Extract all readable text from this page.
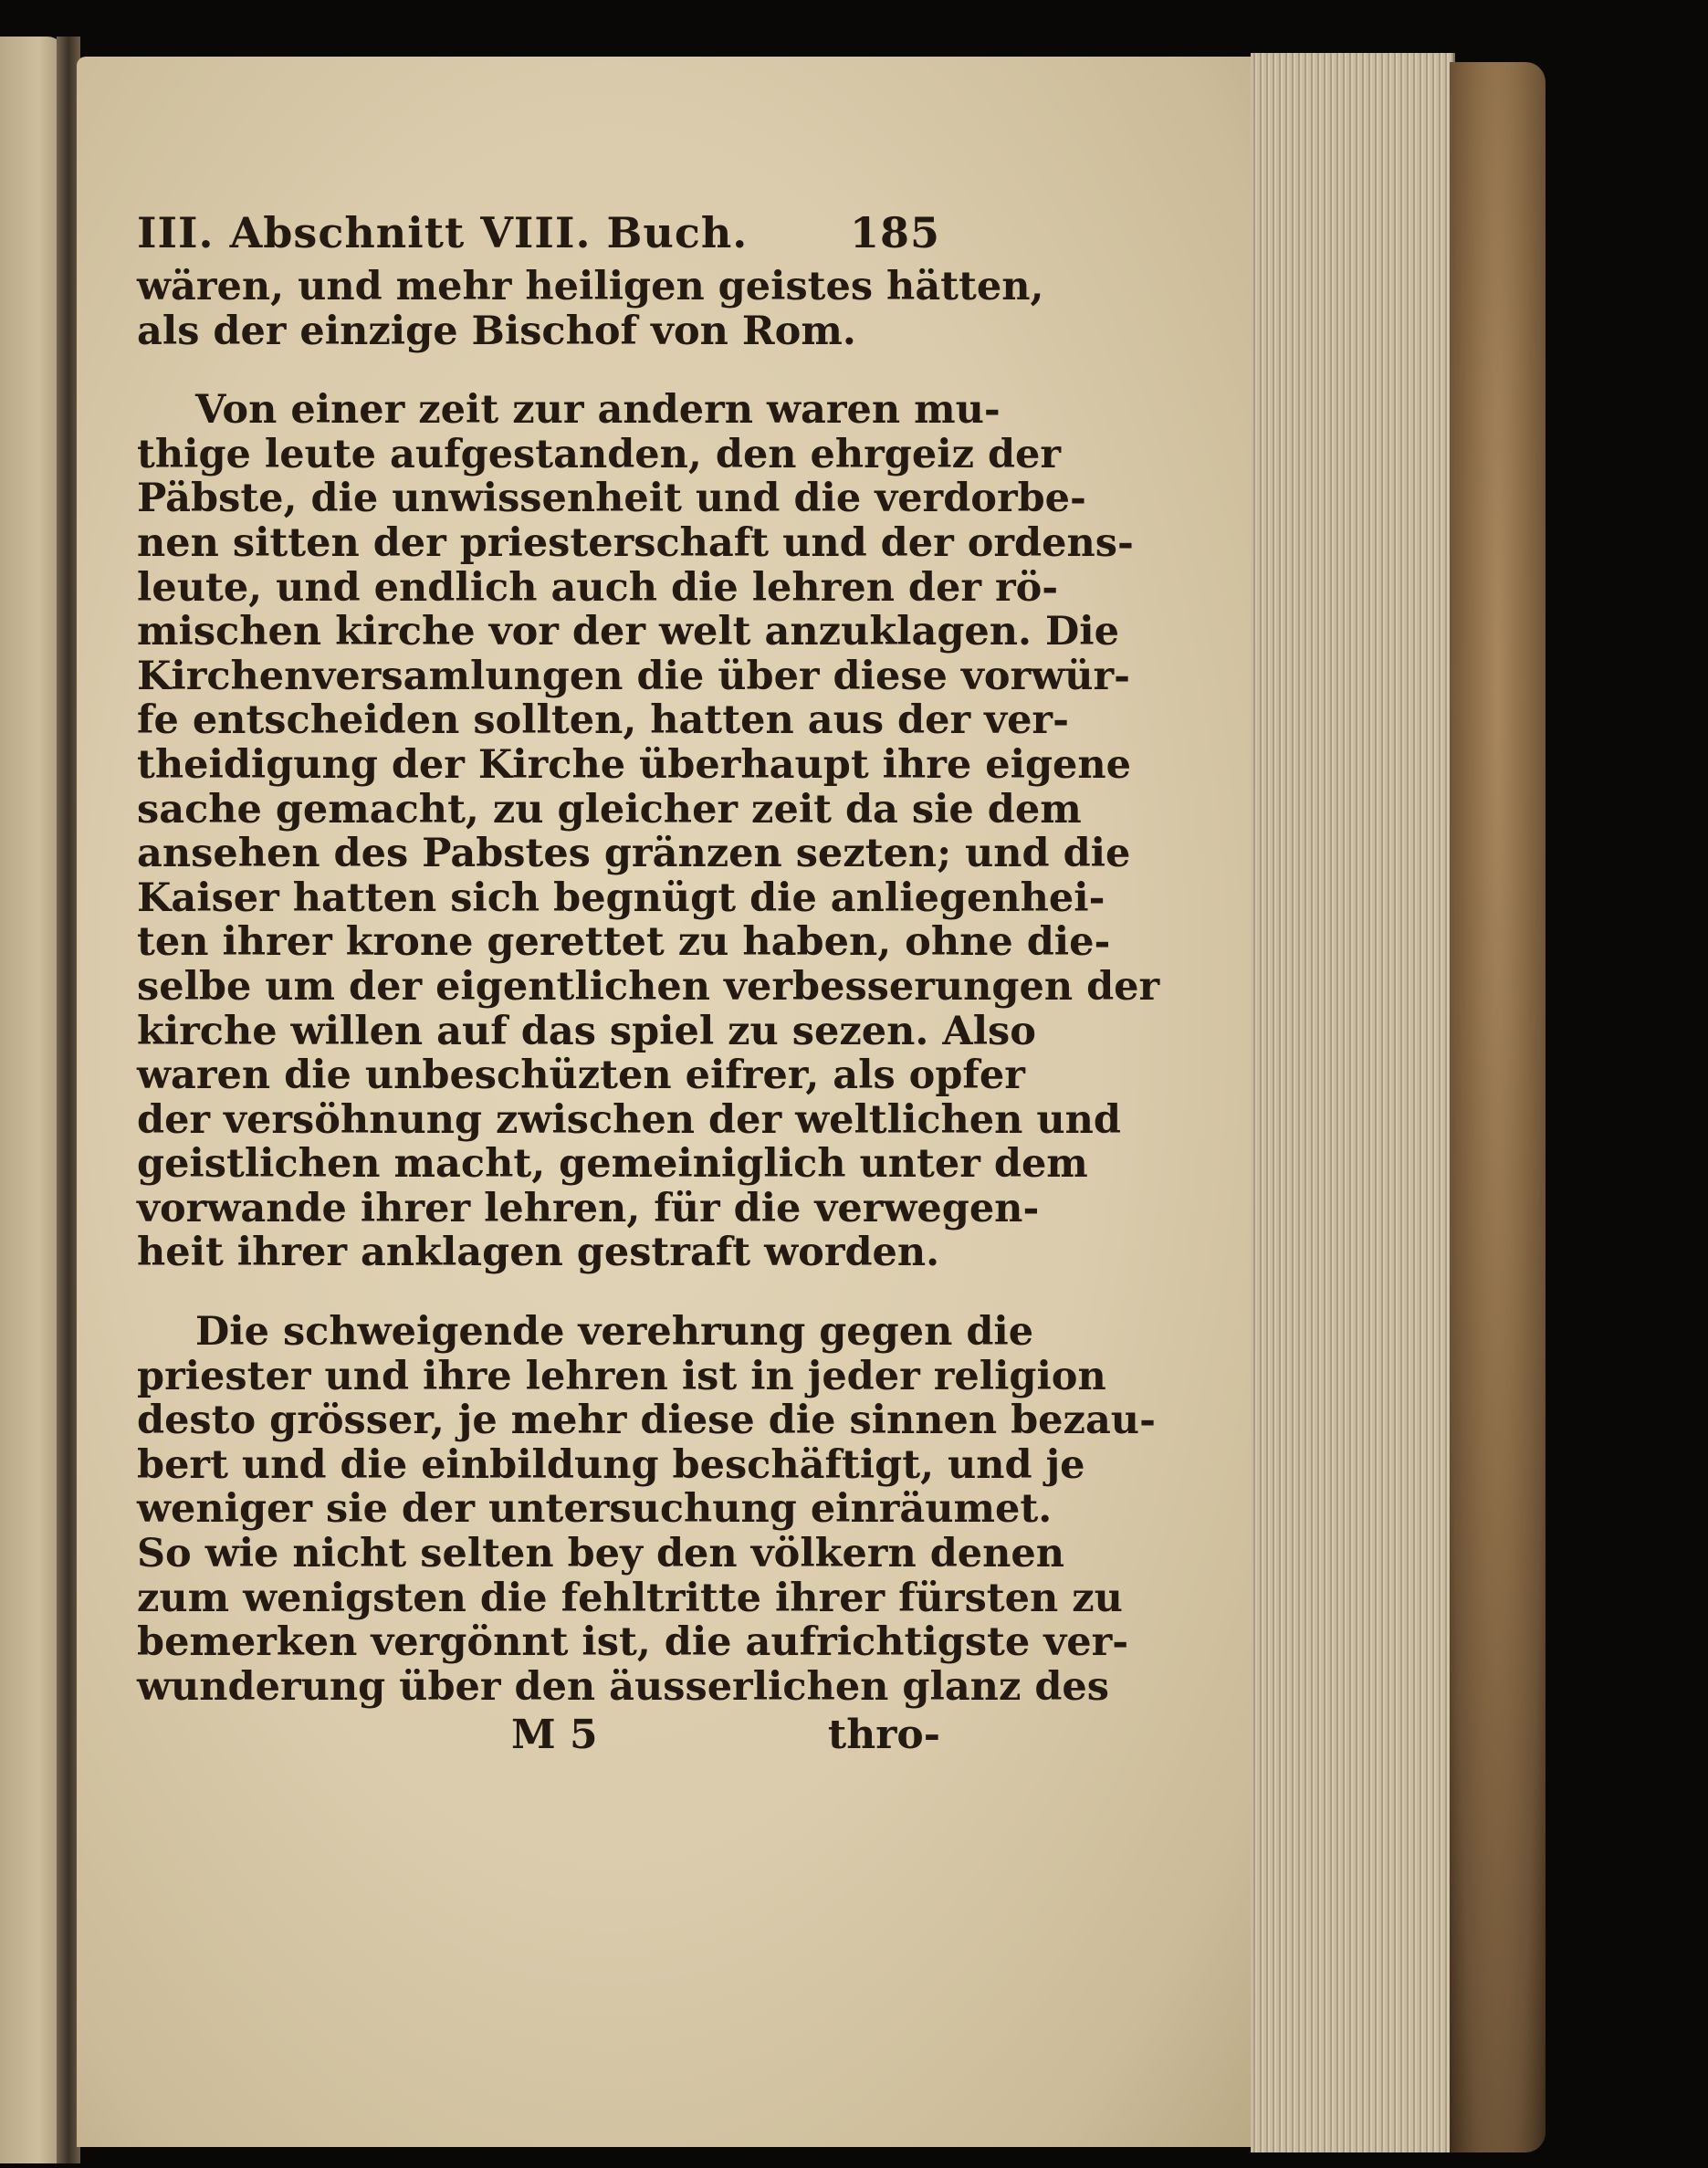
III. Abschnitt VIII. Buch. 185
wären, und mehr heiligen geistes hätten,
als der einzige Bischof von Rom.
Von einer zeit zur andern waren mu-
thige leute aufgestanden, den ehrgeiz der
Päbste, die unwissenheit und die verdorbe-
nen sitten der priesterschaft und der ordens-
leute, und endlich auch die lehren der rö-
mischen kirche vor der welt anzuklagen. Die
Kirchenversamlungen die über diese vorwür-
fe entscheiden sollten, hatten aus der ver-
theidigung der Kirche überhaupt ihre eigene
sache gemacht, zu gleicher zeit da sie dem
ansehen des Pabstes gränzen sezten; und die
Kaiser hatten sich begnügt die anliegenhei-
ten ihrer krone gerettet zu haben, ohne die-
selbe um der eigentlichen verbesserungen der
kirche willen auf das spiel zu sezen. Also
waren die unbeschüzten eifrer, als opfer
der versöhnung zwischen der weltlichen und
geistlichen macht, gemeiniglich unter dem
vorwande ihrer lehren, für die verwegen-
heit ihrer anklagen gestraft worden.
Die schweigende verehrung gegen die
priester und ihre lehren ist in jeder religion
desto grösser, je mehr diese die sinnen bezau-
bert und die einbildung beschäftigt, und je
weniger sie der untersuchung einräumet.
So wie nicht selten bey den völkern denen
zum wenigsten die fehltritte ihrer fürsten zu
bemerken vergönnt ist, die aufrichtigste ver-
wunderung über den äusserlichen glanz des
M 5	thro-
